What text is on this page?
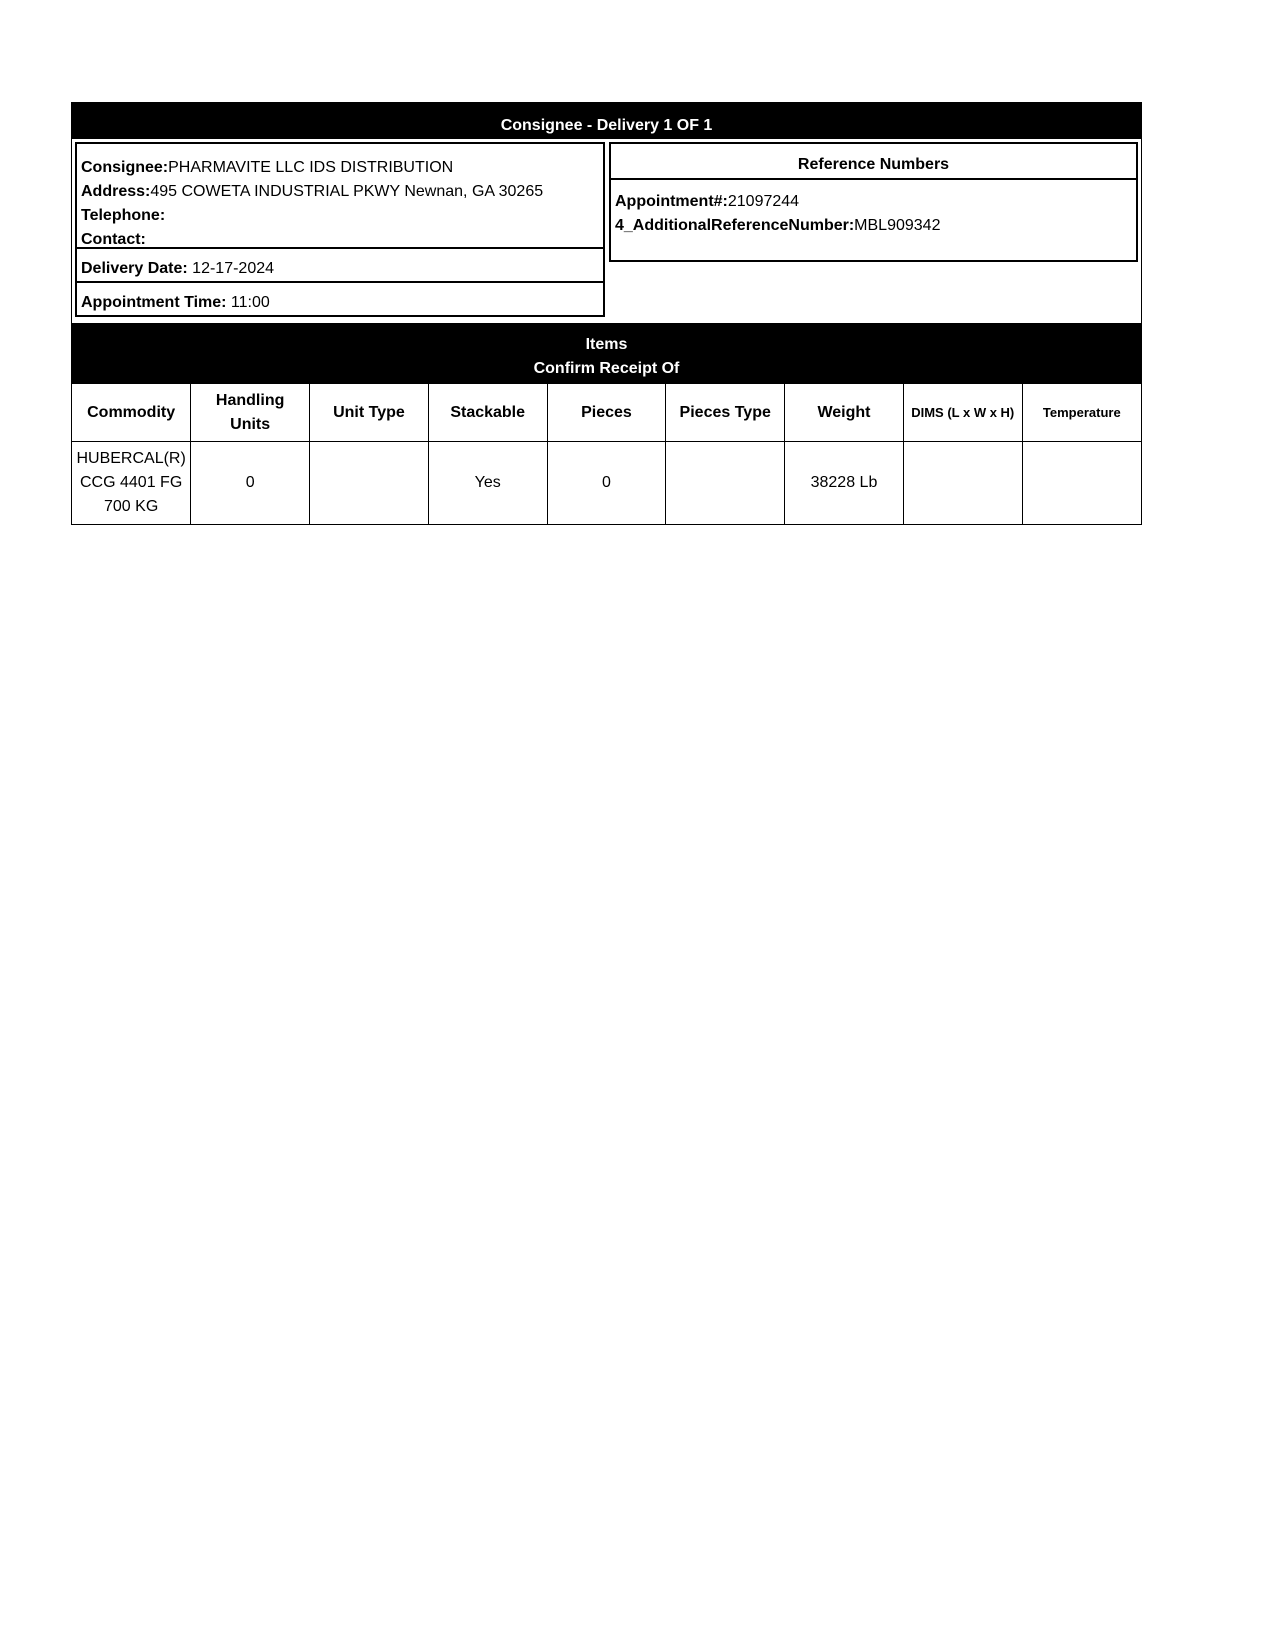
Consignee - Delivery 1 OF 1
Consignee:PHARMAVITE LLC IDS DISTRIBUTION
Address:495 COWETA INDUSTRIAL PKWY Newnan, GA 30265
Telephone:
Contact:
Delivery Date: 12-17-2024
Appointment Time: 11:00
Reference Numbers
Appointment#:21097244
4_AdditionalReferenceNumber:MBL909342
Items
Confirm Receipt Of
Commodity	Handling
Units	Unit Type	Stackable	Pieces	Pieces Type	Weight	DIMS (L x W x H)	Temperature

HUBERCAL(R)
CCG 4401 FG
700 KG	0		Yes	0		38228 Lb		
